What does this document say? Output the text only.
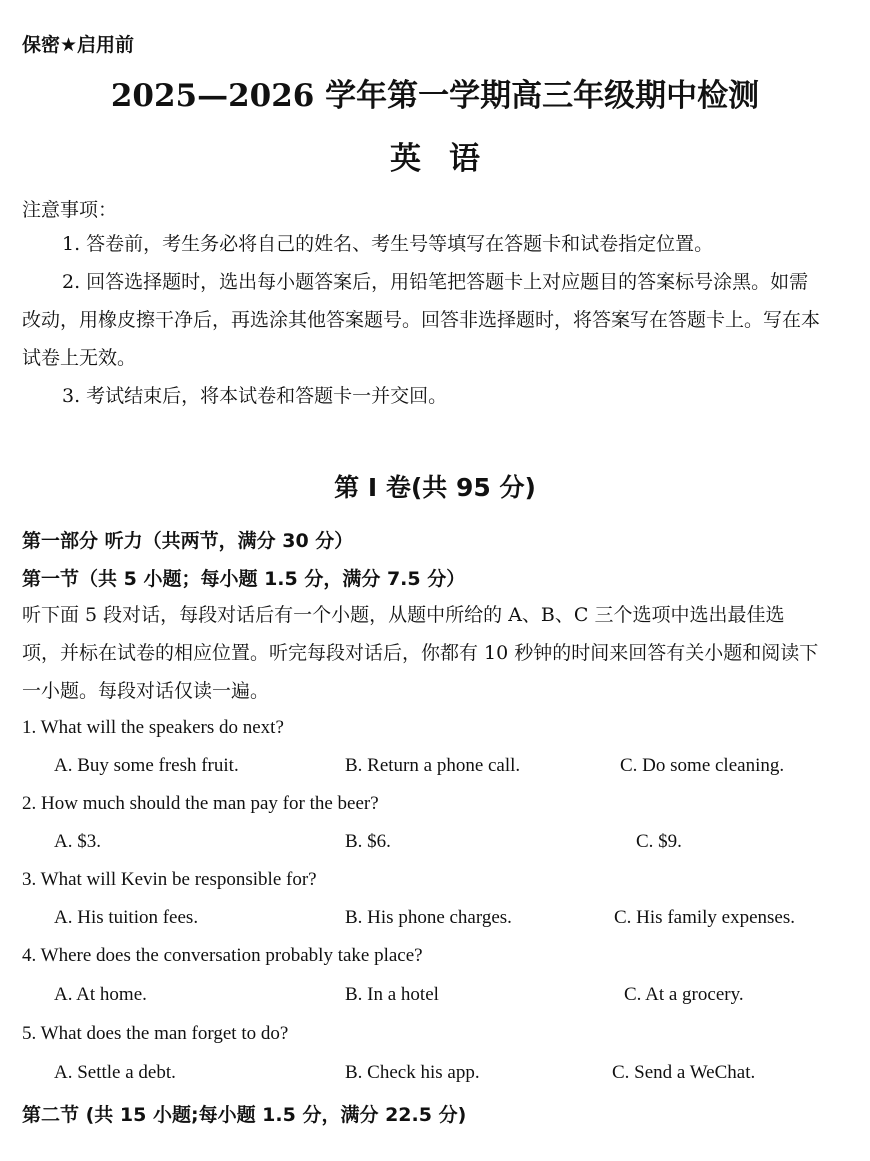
保密★启用前
2025—2026 学年第一学期高三年级期中检测
英语
注意事项：

1. 答卷前，考生务必将自己的姓名、考生号等填写在答题卡和试卷指定位置。

2. 回答选择题时，选出每小题答案后，用铅笔把答题卡上对应题目的答案标号涂黑。如需改动，用橡皮擦干净后，再选涂其他答案题号。回答非选择题时，将答案写在答题卡上。写在本试卷上无效。

3. 考试结束后，将本试卷和答题卡一并交回。

第 I 卷(共 95 分)
第一部分 听力（共两节，满分 30 分）
第一节（共 5 小题；每小题 1.5 分，满分 7.5 分）

听下面 5 段对话，每段对话后有一个小题，从题中所给的 A、B、C 三个选项中选出最佳选项，并标在试卷的相应位置。听完每段对话后，你都有 10 秒钟的时间来回答有关小题和阅读下一小题。每段对话仅读一遍。

1. What will the speakers do next?
A. Buy some fresh fruit.	B. Return a phone call.	C. Do some cleaning.
2. How much should the man pay for the beer?
A. $3.	B. $6.	C. $9.
3. What will Kevin be responsible for?
A. His tuition fees.	B. His phone charges.	C. His family expenses.
4. Where does the conversation probably take place?
A. At home.	B. In a hotel	C. At a grocery.
5. What does the man forget to do?
A. Settle a debt.	B. Check his app.	C. Send a WeChat.
第二节 (共 15 小题;每小题 1.5 分，满分 22.5 分)
